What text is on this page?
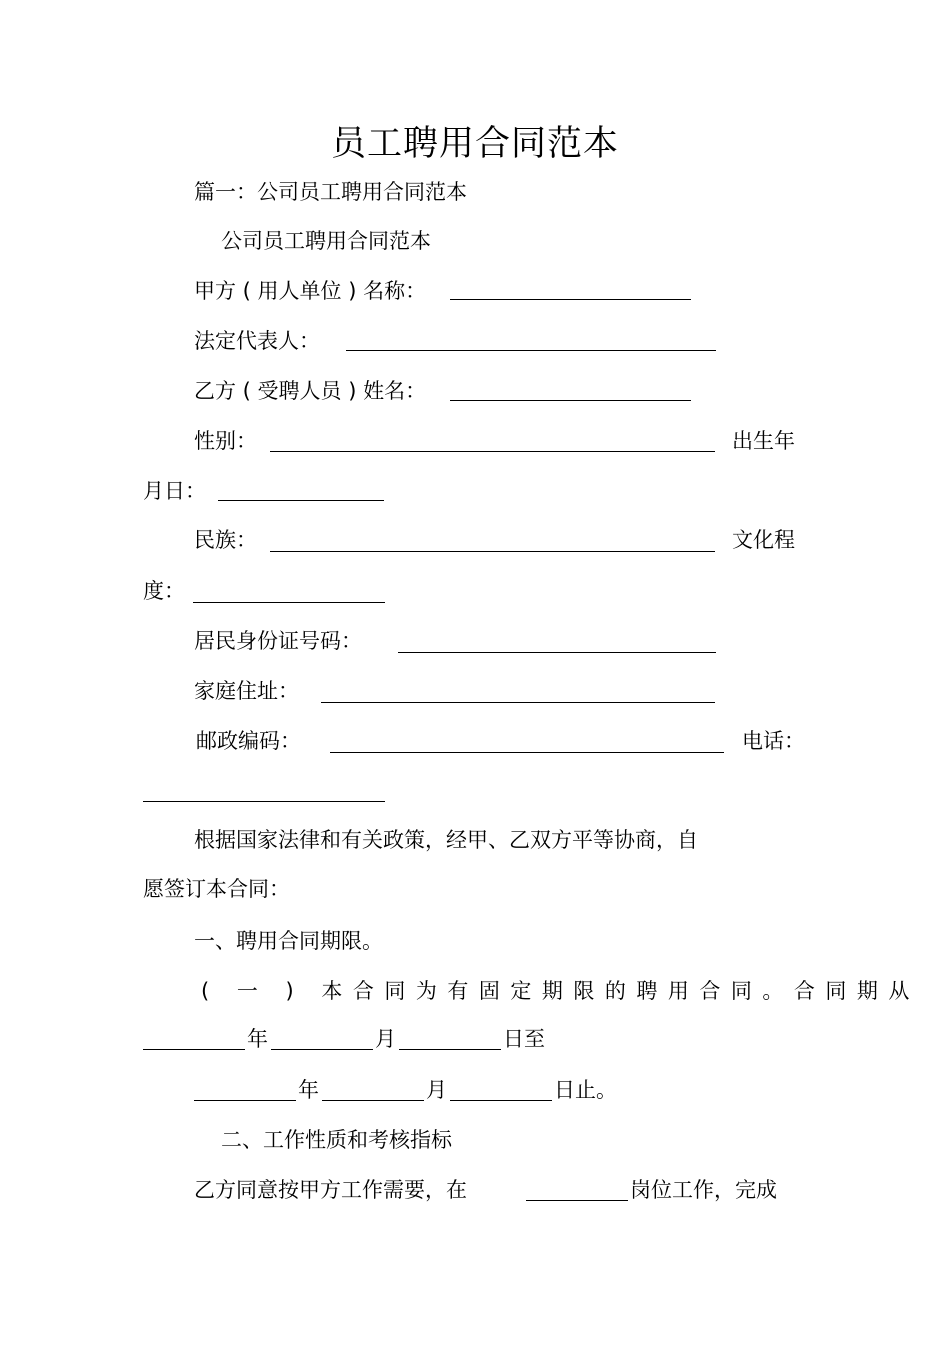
员工聘用合同范本
篇一：公司员工聘用合同范本
公司员工聘用合同范本
甲方 ( 用人单位 ) 名称：
法定代表人：
乙方 ( 受聘人员 ) 姓名：
性别：	出生年
月日：
民族：	文化程
度：
居民身份证号码：
家庭住址：
邮政编码：	电话：
根据国家法律和有关政策，经甲、乙双方平等协商，自
愿签订本合同：
一、聘用合同期限。
( 一 ) 本合同为有固定期限的聘用合同。合同期从
年	月	日至
年	月	日止。
二、工作性质和考核指标
乙方同意按甲方工作需要，在	岗位工作，完成
